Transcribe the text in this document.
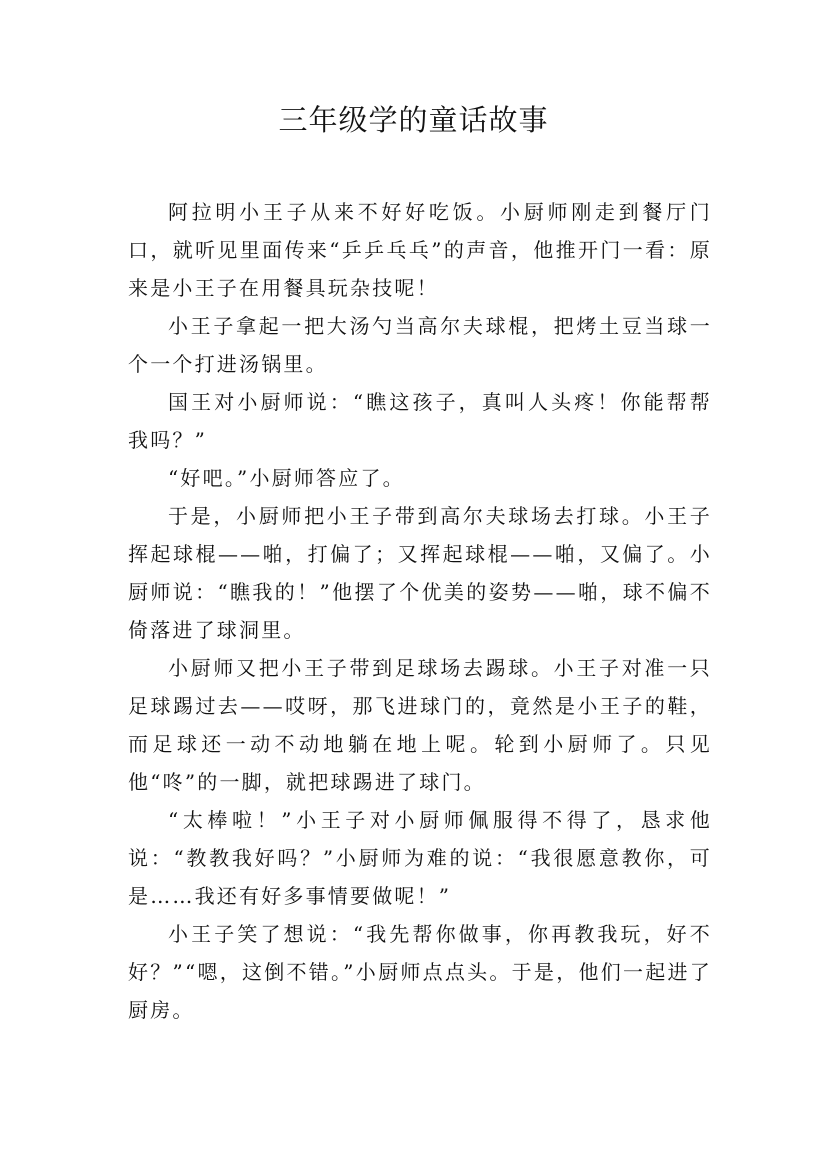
三年级学的童话故事

阿拉明小王子从来不好好吃饭。小厨师刚走到餐厅门口，就听见里面传来“乒乒乓乓”的声音，他推开门一看：原来是小王子在用餐具玩杂技呢！

小王子拿起一把大汤勺当高尔夫球棍，把烤土豆当球一个一个打进汤锅里。

国王对小厨师说：“瞧这孩子，真叫人头疼！你能帮帮我吗？”

“好吧。”小厨师答应了。

于是，小厨师把小王子带到高尔夫球场去打球。小王子挥起球棍——啪，打偏了；又挥起球棍——啪，又偏了。小厨师说：“瞧我的！”他摆了个优美的姿势——啪，球不偏不倚落进了球洞里。

小厨师又把小王子带到足球场去踢球。小王子对准一只足球踢过去——哎呀，那飞进球门的，竟然是小王子的鞋，而足球还一动不动地躺在地上呢。轮到小厨师了。只见他“咚”的一脚，就把球踢进了球门。

“太棒啦！”小王子对小厨师佩服得不得了，恳求他说：“教教我好吗？”小厨师为难的说：“我很愿意教你，可是……我还有好多事情要做呢！”

小王子笑了想说：“我先帮你做事，你再教我玩，好不好？”“嗯，这倒不错。”小厨师点点头。于是，他们一起进了厨房。
